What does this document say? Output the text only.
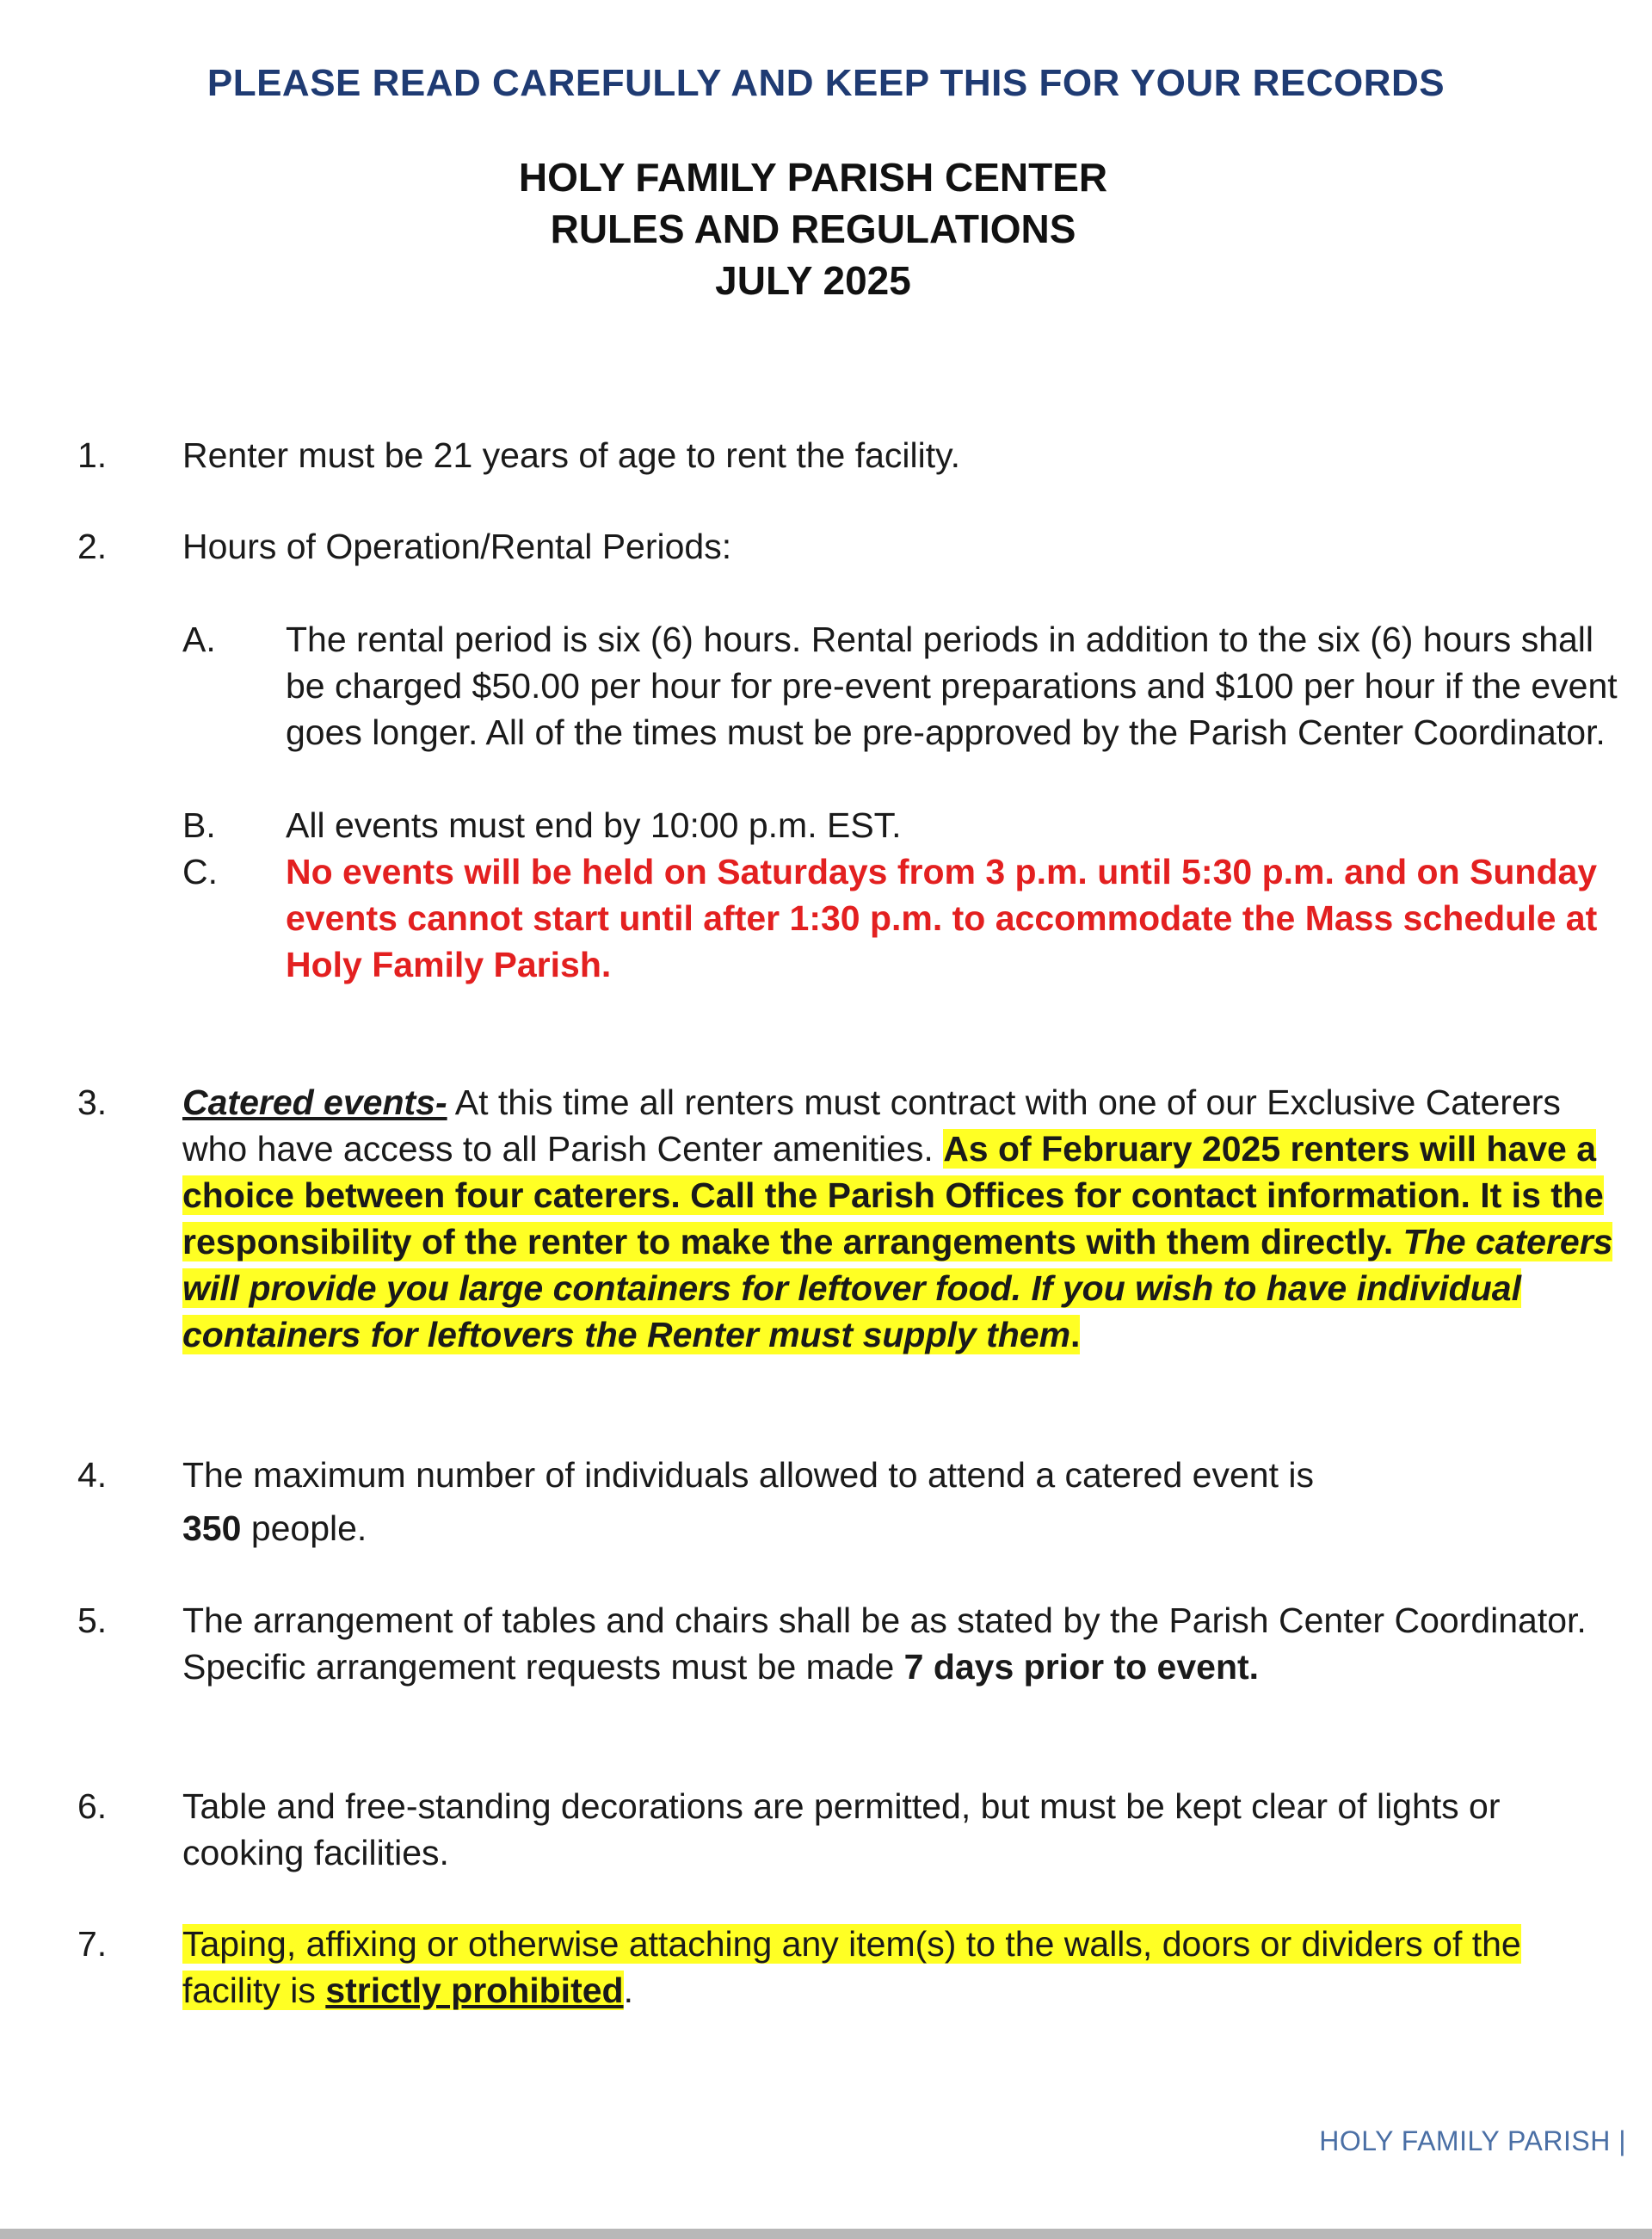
PLEASE READ CAREFULLY AND KEEP THIS FOR YOUR RECORDS
HOLY FAMILY PARISH CENTER
RULES AND REGULATIONS
JULY 2025
1.	Renter must be 21 years of age to rent the facility.
2.	Hours of Operation/Rental Periods:
A. The rental period is six (6) hours. Rental periods in addition to the six (6) hours shall be charged $50.00 per hour for pre-event preparations and $100 per hour if the event goes longer. All of the times must be pre-approved by the Parish Center Coordinator.
B. All events must end by 10:00 p.m. EST.
C. No events will be held on Saturdays from 3 p.m. until 5:30 p.m. and on Sunday events cannot start until after 1:30 p.m. to accommodate the Mass schedule at Holy Family Parish.
3.	Catered events- At this time all renters must contract with one of our Exclusive Caterers who have access to all Parish Center amenities. As of February 2025 renters will have a choice between four caterers. Call the Parish Offices for contact information. It is the responsibility of the renter to make the arrangements with them directly. The caterers will provide you large containers for leftover food. If you wish to have individual containers for leftovers the Renter must supply them.
4.	The maximum number of individuals allowed to attend a catered event is
350 people.
5.	The arrangement of tables and chairs shall be as stated by the Parish Center Coordinator. Specific arrangement requests must be made 7 days prior to event.
6.	Table and free-standing decorations are permitted, but must be kept clear of lights or cooking facilities.
7.	Taping, affixing or otherwise attaching any item(s) to the walls, doors or dividers of the facility is strictly prohibited.
HOLY FAMILY PARISH |
